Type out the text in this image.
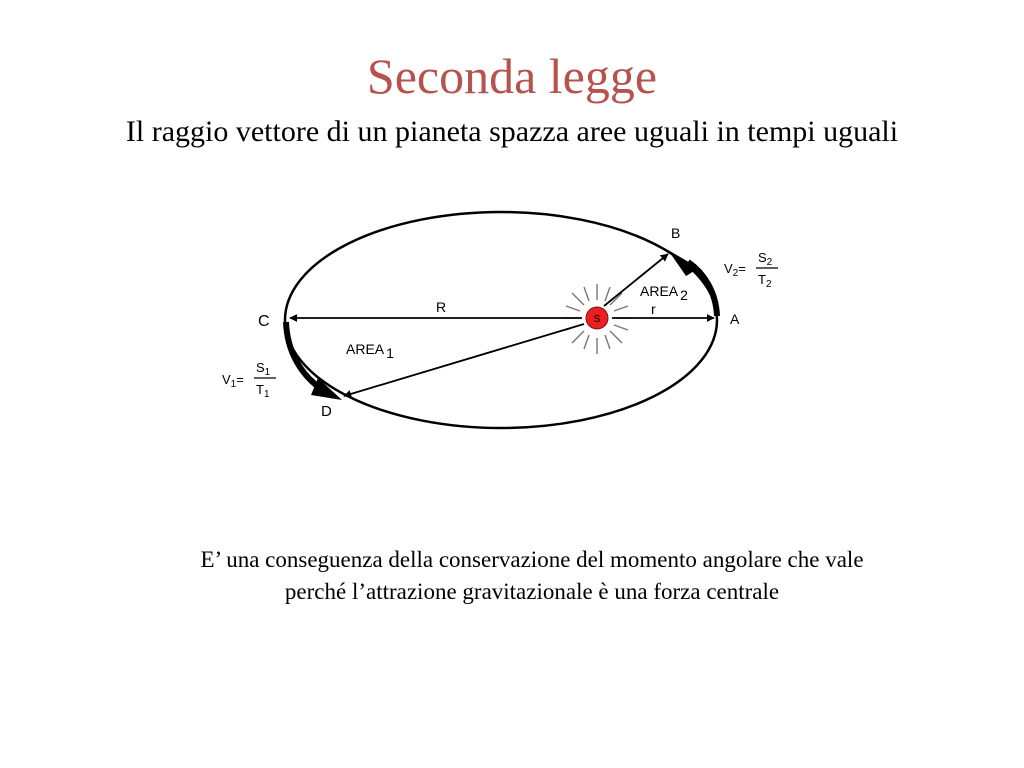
Seconda legge
Il raggio vettore di un pianeta spazza aree uguali in tempi uguali
S
C	A
B
D
R	r
AREA 1
AREA 2
$V_1=$
$S_1$
$T_1$
$V_2=$
$S_2$
$T_2$
E’ una conseguenza della conservazione del momento angolare che vale
perché l’attrazione gravitazionale è una forza centrale
